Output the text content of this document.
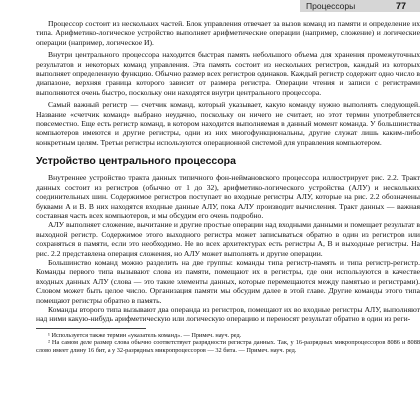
Процессоры	77

Процессор состоит из нескольких частей. Блок управления отвечает за вызов команд из памяти и определение их типа. Арифметико-логическое устройство выполняет арифметические операции (например, сложение) и логические операции (например, логическое И).

Внутри центрального процессора находится быстрая память небольшого объема для хранения промежуточных результатов и некоторых команд управления. Эта память состоит из нескольких регистров, каждый из которых выполняет определенную функцию. Обычно размер всех регистров одинаков. Каждый регистр содержит одно число в диапазоне, верхняя граница которого зависит от размера регистра. Операции чтения и записи с регистрами выполняются очень быстро, поскольку они находятся внутри центрального процессора.

Самый важный регистр — счетчик команд, который указывает, какую команду нужно выполнять следующей. Название «счетчик команд» выбрано неудачно, поскольку он ничего не считает, но этот термин употребляется повсеместно. Еще есть регистр команд, в котором находится выполняемая в данный момент команда. У большинства компьютеров имеются и другие регистры, одни из них многофункциональны, другие служат лишь каким-либо конкретным целям. Третьи регистры используются операционной системой для управления компьютером.

Устройство центрального процессора

Внутреннее устройство тракта данных типичного фон-неймановского процессора иллюстрирует рис. 2.2. Тракт данных состоит из регистров (обычно от 1 до 32), арифметико-логического устройства (АЛУ) и нескольких соединительных шин. Содержимое регистров поступает во входные регистры АЛУ, которые на рис. 2.2 обозначены буквами A и B. В них находятся входные данные АЛУ, пока АЛУ производит вычисления. Тракт данных — важная составная часть всех компьютеров, и мы обсудим его очень подробно.

АЛУ выполняет сложение, вычитание и другие простые операции над входными данными и помещает результат в выходной регистр. Содержимое этого выходного регистра может записываться обратно в один из регистров или сохраняться в памяти, если это необходимо. Не во всех архитектурах есть регистры A, B и выходные регистры. На рис. 2.2 представлена операция сложения, но АЛУ может выполнять и другие операции.

Большинство команд можно разделить на две группы: команды типа регистр-память и типа регистр-регистр. Команды первого типа вызывают слова из памяти, помещают их в регистры, где они используются в качестве входных данных АЛУ (слова — это такие элементы данных, которые перемещаются между памятью и регистрами). Словом может быть целое число. Организация памяти мы обсудим далее в этой главе. Другие команды этого типа помещают регистры обратно в память.

Команды второго типа вызывают два операнда из регистров, помещают их во входные регистры АЛУ, выполняют над ними какую-нибудь арифметическую или логическую операцию и переносят результат обратно в один из реги-

¹ Используется также термин «указатель команд». — Примеч. науч. ред.

² На самом деле размер слова обычно соответствует разрядности регистра данных. Так, у 16-разрядных микропроцессоров 8086 и 8088 слово имеет длину 16 бит, а у 32-разрядных микропроцессоров — 32 бита. — Примеч. науч. ред.
